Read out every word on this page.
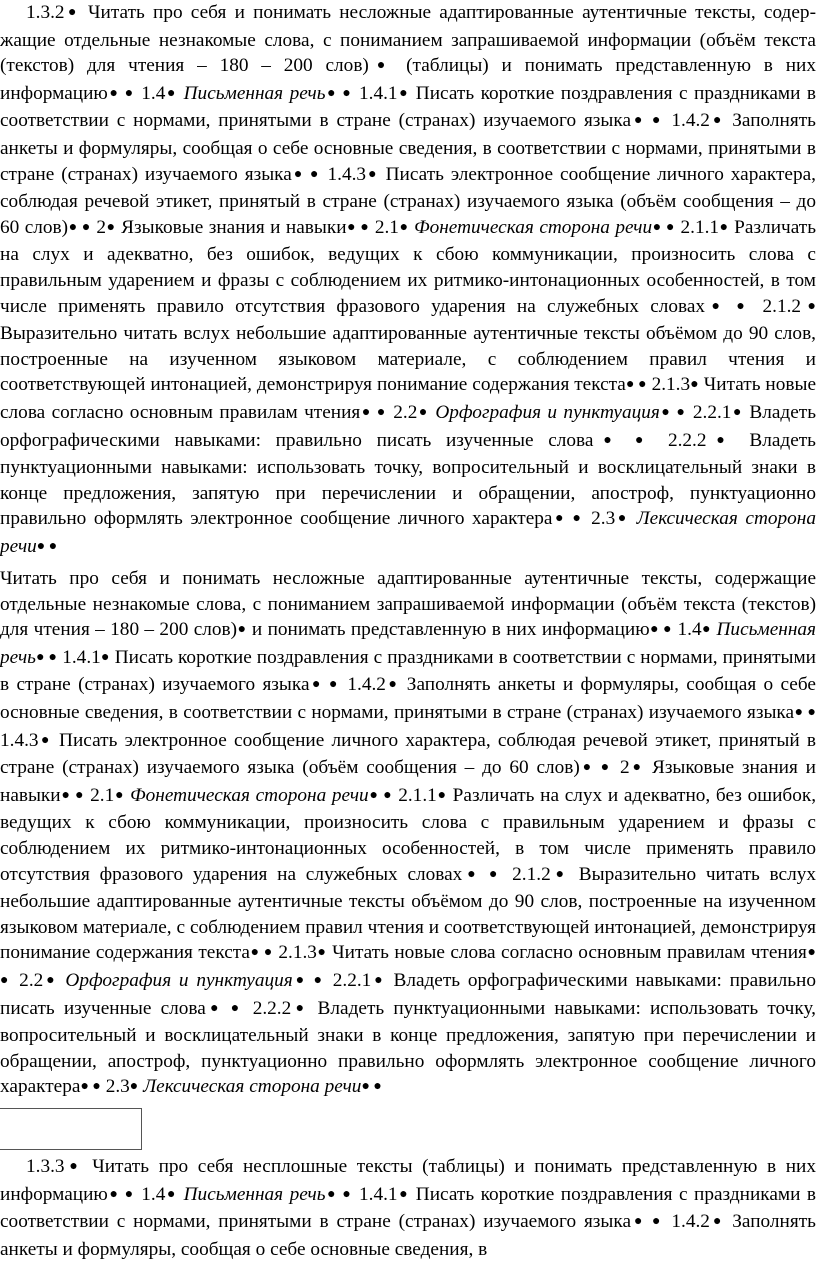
1.3.2● Читать про себя и понимать несложные адаптированные аутентичные тексты, содержащие отдельные незнакомые слова, с пониманием запрашиваемой информации (объём текста (текстов) для чтения – 180 – 200 слов)● (таблицы) и понимать представленную в них информацию● ● 1.4● Письменная речь● ● 1.4.1● Писать короткие поздравления с праздниками в соответствии с нормами, принятыми в стране (странах) изучаемого языка● ● 1.4.2● Заполнять анкеты и формуляры, сообщая о себе основные сведения, в соответствии с нормами, принятыми в стране (странах) изучаемого языка● ● 1.4.3● Писать электронное сообщение личного характера, соблюдая речевой этикет, принятый в стране (странах) изучаемого языка (объём сообщения – до 60 слов)● ● 2● Языковые знания и навыки● ● 2.1● Фонетическая сторона речи● ● 2.1.1● Различать на слух и адекватно, без ошибок, ведущих к сбою коммуникации, произносить слова с правильным ударением и фразы с соблюдением их ритмико-интонационных особенностей, в том числе применять правило отсутствия фразового ударения на служебных словах● ● 2.1.2● Выразительно читать вслух небольшие адаптированные аутентичные тексты объёмом до 90 слов, построенные на изученном языковом материале, с соблюдением правил чтения и соответствующей интонацией, демонстрируя понимание содержания текста● ● 2.1.3● Читать новые слова согласно основным правилам чтения● ● 2.2● Орфография и пунктуация● ● 2.2.1● Владеть орфографическими навыками: правильно писать изученные слова● ● 2.2.2● Владеть пунктуационными навыками: использовать точку, вопросительный и восклицательный знаки в конце предложения, запятую при перечислении и обращении, апостроф, пунктуационно правильно оформлять электронное сообщение личного характера● ● 2.3● Лексическая сторона речи● ●

Читать про себя и понимать несложные адаптированные аутентичные тексты, содержащие отдельные незнакомые слова, с пониманием запрашиваемой информации (объём текста (текстов) для чтения – 180 – 200 слов)● и понимать представленную в них информацию● ● 1.4● Письменная речь● ● 1.4.1● Писать короткие поздравления с праздниками в соответствии с нормами, принятыми в стране (странах) изучаемого языка● ● 1.4.2● Заполнять анкеты и формуляры, сообщая о себе основные сведения, в соответствии с нормами, принятыми в стране (странах) изучаемого языка● ● 1.4.3● Писать электронное сообщение личного характера, соблюдая речевой этикет, принятый в стране (странах) изучаемого языка (объём сообщения – до 60 слов)● ● 2● Языковые знания и навыки● ● 2.1● Фонетическая сторона речи● ● 2.1.1● Различать на слух и адекватно, без ошибок, ведущих к сбою коммуникации, произносить слова с правильным ударением и фразы с соблюдением их ритмико-интонационных особенностей, в том числе применять правило отсутствия фразового ударения на служебных словах● ● 2.1.2● Выразительно читать вслух небольшие адаптированные аутентичные тексты объёмом до 90 слов, построенные на изученном языковом материале, с соблюдением правил чтения и соответствующей интонацией, демонстрируя понимание содержания текста● ● 2.1.3● Читать новые слова согласно основным правилам чтения● ● 2.2● Орфография и пунктуация● ● 2.2.1● Владеть орфографическими навыками: правильно писать изученные слова● ● 2.2.2● Владеть пунктуационными навыками: использовать точку, вопросительный и восклицательный знаки в конце предложения, запятую при перечислении и обращении, апостроф, пунктуационно правильно оформлять электронное сообщение личного характера● ● 2.3● Лексическая сторона речи● ●

1.3.3● Читать про себя несплошные тексты (таблицы) и понимать представленную в них информацию● ● 1.4● Письменная речь● ● 1.4.1● Писать короткие поздравления с праздниками в соответствии с нормами, принятыми в стране (странах) изучаемого языка● ● 1.4.2● Заполнять анкеты и формуляры, сообщая о себе основные сведения, в
